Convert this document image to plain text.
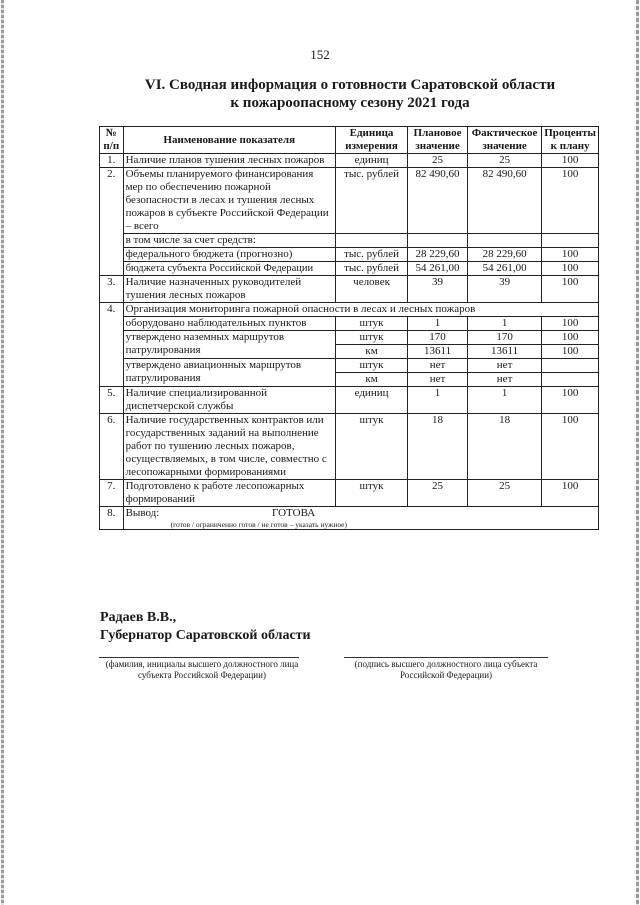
152
VI. Сводная информация о готовности Саратовской области
к пожароопасному сезону 2021 года
№ п/п	Наименование показателя	Единица измерения	Плановое значение	Фактическое значение	Проценты к плану
1.	Наличие планов тушения лесных пожаров	единиц	25	25	100
2.	Объемы планируемого финансирования мер по обеспечению пожарной безопасности в лесах и тушения лесных пожаров в субъекте Российской Федерации – всего	тыс. рублей	82 490,60	82 490,60	100
	в том числе за счет средств:				
	федерального бюджета (прогнозно)	тыс. рублей	28 229,60	28 229,60	100
	бюджета субъекта Российской Федерации	тыс. рублей	54 261,00	54 261,00	100
3.	Наличие назначенных руководителей тушения лесных пожаров	человек	39	39	100
4.	Организация мониторинга пожарной опасности в лесах и лесных пожаров				
	оборудовано наблюдательных пунктов	штук	1	1	100
	утверждено наземных маршрутов патрулирования	штук	170	170	100
		км	13611	13611	100
	утверждено авиационных маршрутов патрулирования	штук	нет	нет	
		км	нет	нет	
5.	Наличие специализированной диспетчерской службы	единиц	1	1	100
6.	Наличие государственных контрактов или государственных заданий на выполнение работ по тушению лесных пожаров, осуществляемых, в том числе, совместно с лесопожарными формированиями	штук	18	18	100
7.	Подготовлено к работе лесопожарных формирований	штук	25	25	100
8.	Вывод: ГОТОВА
(готов / ограниченно готов / не готов – указать нужное)				
Радаев В.В.,
Губернатор Саратовской области
(фамилия, инициалы высшего должностного лица субъекта Российской Федерации)
(подпись высшего должностного лица субъекта Российской Федерации)
